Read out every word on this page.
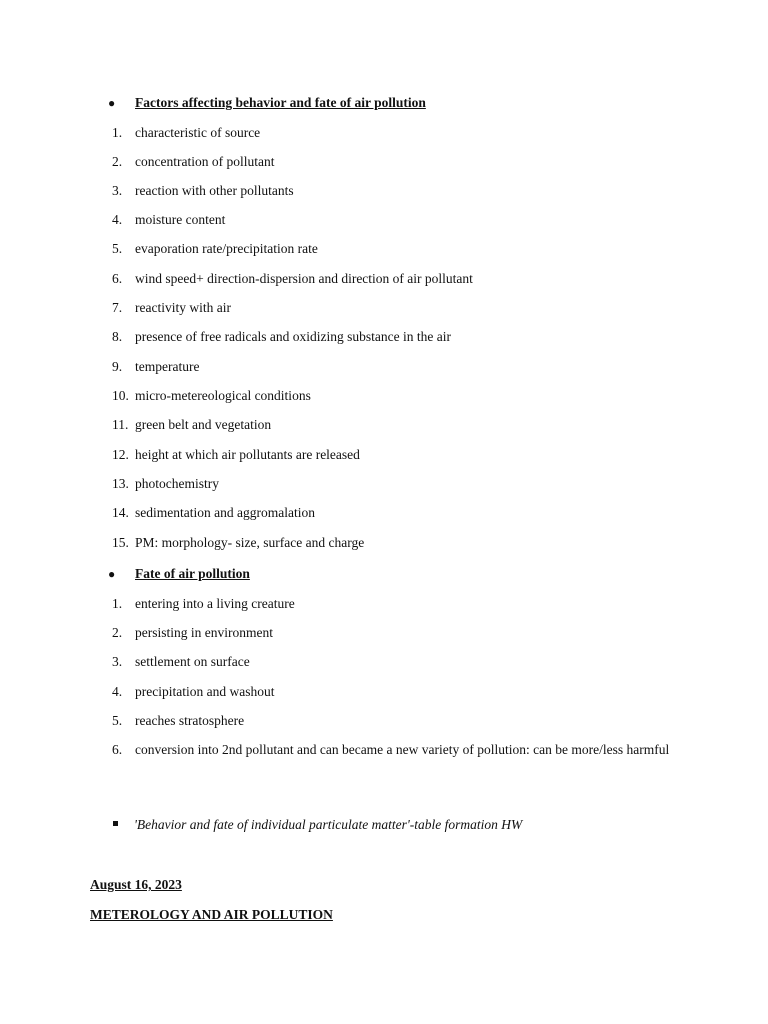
●	Factors affecting behavior and fate of air pollution
1. characteristic of source
2. concentration of pollutant
3. reaction with other pollutants
4. moisture content
5. evaporation rate/precipitation rate
6. wind speed+ direction-dispersion and direction of air pollutant
7. reactivity with air
8. presence of free radicals and oxidizing substance in the air
9. temperature
10. micro-metereological conditions
11. green belt and vegetation
12. height at which air pollutants are released
13. photochemistry
14. sedimentation and aggromalation
15. PM: morphology- size, surface and charge
●	Fate of air pollution
1. entering into a living creature
2. persisting in environment
3. settlement on surface
4. precipitation and washout
5. reaches stratosphere
6. conversion into 2nd pollutant and can became a new variety of pollution: can be more/less harmful
'Behavior and fate of individual particulate matter'-table formation HW
August 16, 2023
METEROLOGY AND AIR POLLUTION
